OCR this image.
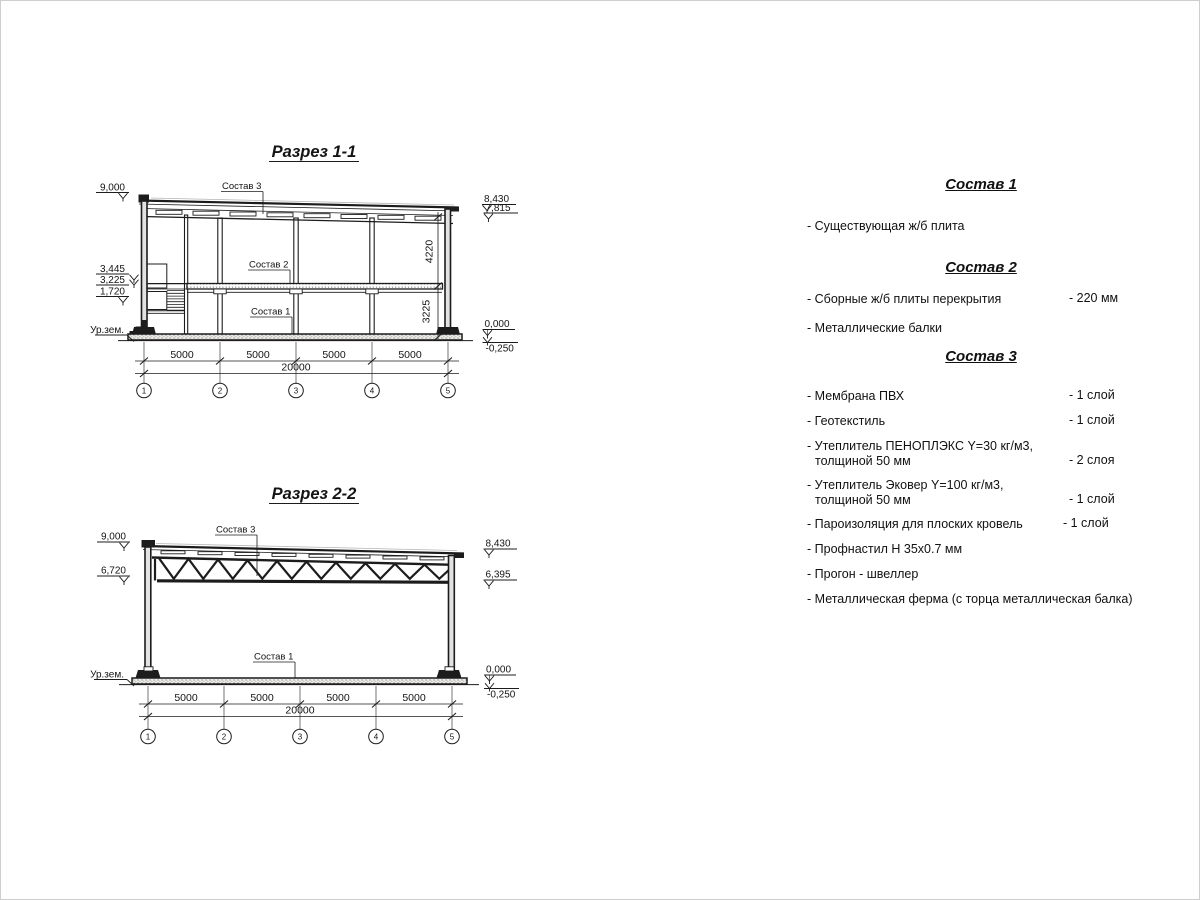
Разрез 1-1
Состав 3
Состав 2
Состав 1
9,000
3,445
3,225
1,720
Ур.зем.
8,430
7,815
0,000
-0,250
4220
3225
5000	5000	5000	5000
20000
1	2	3	4	5
Разрез 2-2
Состав 3
Состав 1
9,000
6,720
Ур.зем.
8,430
6,395
0,000
-0,250
5000	5000	5000	5000
20000
1	2	3	4	5
Состав 1
- Существующая ж/б плита
Состав 2
- Сборные ж/б плиты перекрытия	- 220 мм
- Металлические балки
Состав 3
- Мембрана ПВХ	- 1 слой
- Геотекстиль	- 1 слой
- Утеплитель ПЕНОПЛЭКС Y=30 кг/м3,
толщиной 50 мм	- 2 слоя
- Утеплитель Эковер Y=100 кг/м3,
толщиной 50 мм	- 1 слой
- Пароизоляция для плоских кровель	- 1 слой
- Профнастил Н 35х0.7 мм
- Прогон - швеллер
- Металлическая ферма (с торца металлическая балка)
